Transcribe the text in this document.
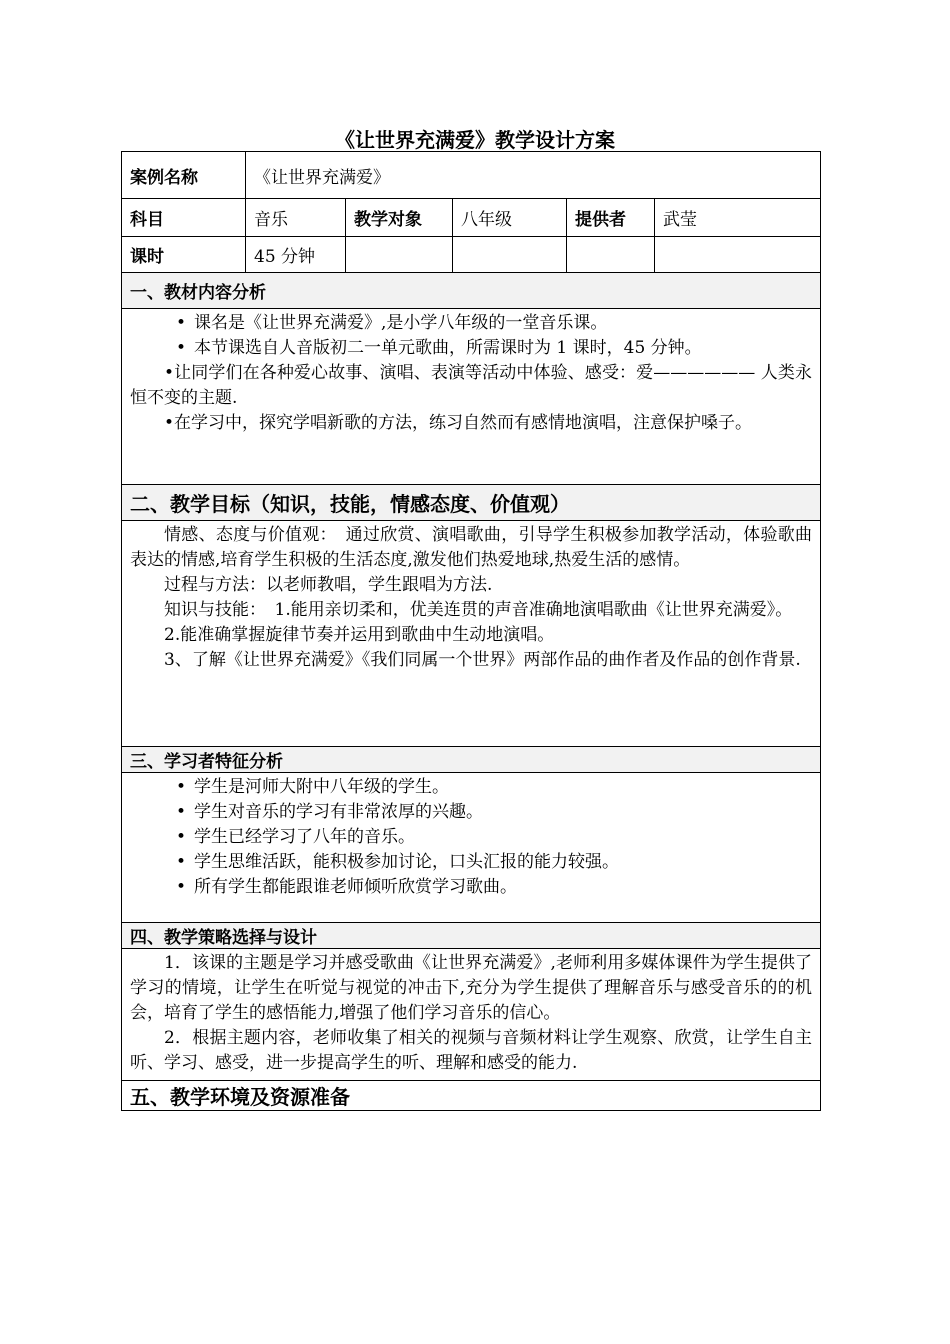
《让世界充满爱》教学设计方案
案例名称	《让世界充满爱》				
科目	音乐	教学对象	八年级	提供者	武莹
课时	45 分钟				
一、教材内容分析					

• 课名是《让世界充满爱》,是小学八年级的一堂音乐课。
• 本节课选自人音版初二一单元歌曲，所需课时为 1 课时，45 分钟。
•让同学们在各种爱心故事、演唱、表演等活动中体验、感受：爱—————— 人类永恒不变的主题.
•在学习中，探究学唱新歌的方法，练习自然而有感情地演唱，注意保护嗓子。

二、教学目标（知识，技能，情感态度、价值观）					

情感、态度与价值观：　通过欣赏、演唱歌曲，引导学生积极参加教学活动，体验歌曲表达的情感,培育学生积极的生活态度,激发他们热爱地球,热爱生活的感情。
过程与方法：以老师教唱，学生跟唱为方法.
知识与技能：　1.能用亲切柔和，优美连贯的声音准确地演唱歌曲《让世界充满爱》。
2.能准确掌握旋律节奏并运用到歌曲中生动地演唱。
3、了解《让世界充满爱》《我们同属一个世界》两部作品的曲作者及作品的创作背景.					

三、学习者特征分析					

• 学生是河师大附中八年级的学生。
• 学生对音乐的学习有非常浓厚的兴趣。
• 学生已经学习了八年的音乐。
• 学生思维活跃，能积极参加讨论，口头汇报的能力较强。
• 所有学生都能跟谁老师倾听欣赏学习歌曲。

四、教学策略选择与设计					

1．该课的主题是学习并感受歌曲《让世界充满爱》,老师利用多媒体课件为学生提供了学习的情境，让学生在听觉与视觉的冲击下,充分为学生提供了理解音乐与感受音乐的的机会，培育了学生的感悟能力,增强了他们学习音乐的信心。
2．根据主题内容，老师收集了相关的视频与音频材料让学生观察、欣赏，让学生自主听、学习、感受，进一步提高学生的听、理解和感受的能力.					

五、教学环境及资源准备					
